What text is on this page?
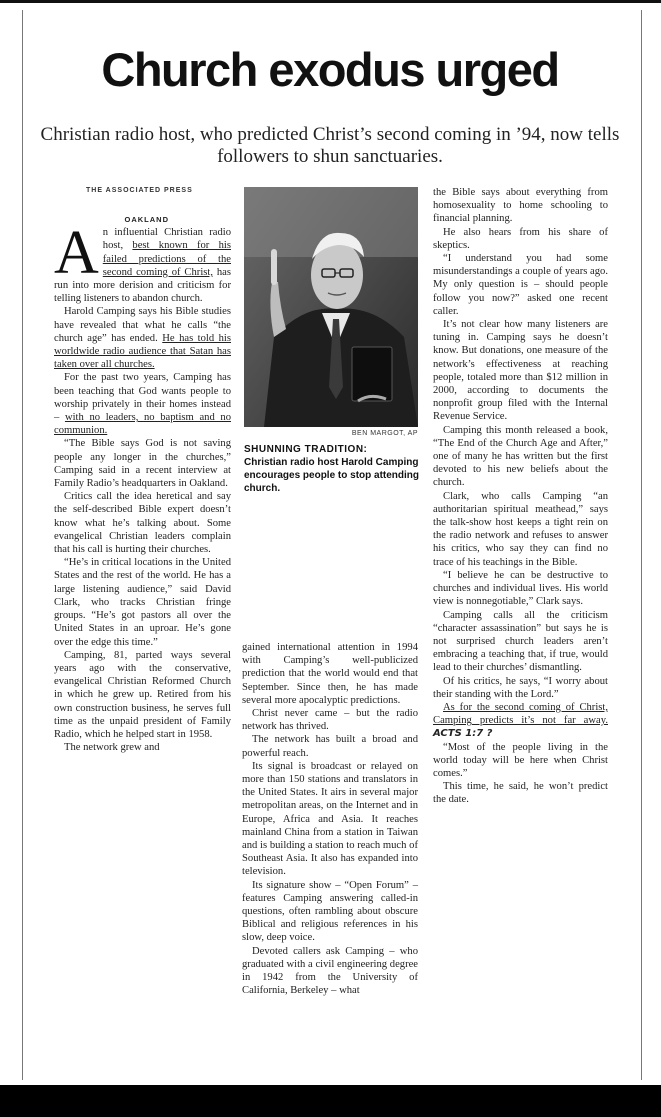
Church exodus urged
Christian radio host, who predicted Christ’s second coming in ’94, now tells followers to shun sanctuaries.
THE ASSOCIATED PRESS
OAKLAND

An influential Christian radio host, best known for his failed predictions of the second coming of Christ, has run into more derision and criticism for telling listeners to abandon church.

Harold Camping says his Bible studies have revealed that what he calls “the church age” has ended. He has told his worldwide radio audience that Satan has taken over all churches.

For the past two years, Camping has been teaching that God wants people to worship privately in their homes instead – with no leaders, no baptism and no communion.

“The Bible says God is not saving people any longer in the churches,” Camping said in a recent interview at Family Radio’s headquarters in Oakland.

Critics call the idea heretical and say the self-described Bible expert doesn’t know what he’s talking about. Some evangelical Christian leaders complain that his call is hurting their churches.

“He’s in critical locations in the United States and the rest of the world. He has a large listening audience,” said David Clark, who tracks Christian fringe groups. “He’s got pastors all over the United States in an uproar. He’s gone over the edge this time.”

Camping, 81, parted ways several years ago with the conservative, evangelical Christian Reformed Church in which he grew up. Retired from his own construction business, he serves full time as the unpaid president of Family Radio, which he helped start in 1958.

The network grew and

BEN MARGOT, AP
SHUNNING TRADITION:
Christian radio host Harold Camping encourages people to stop attending church.

gained international attention in 1994 with Camping’s well-publicized prediction that the world would end that September. Since then, he has made several more apocalyptic predictions.

Christ never came – but the radio network has thrived.

The network has built a broad and powerful reach.

Its signal is broadcast or relayed on more than 150 stations and translators in the United States. It airs in several major metropolitan areas, on the Internet and in Europe, Africa and Asia. It reaches mainland China from a station in Taiwan and is building a station to reach much of Southeast Asia. It also has expanded into television.

Its signature show – “Open Forum” – features Camping answering called-in questions, often rambling about obscure Biblical and religious references in his slow, deep voice.

Devoted callers ask Camping – who graduated with a civil engineering degree in 1942 from the University of California, Berkeley – what

the Bible says about everything from homosexuality to home schooling to financial planning.

He also hears from his share of skeptics.

“I understand you had some misunderstandings a couple of years ago. My only question is – should people follow you now?” asked one recent caller.

It’s not clear how many listeners are tuning in. Camping says he doesn’t know. But donations, one measure of the network’s effectiveness at reaching people, totaled more than $12 million in 2000, according to documents the nonprofit group filed with the Internal Revenue Service.

Camping this month released a book, “The End of the Church Age and After,” one of many he has written but the first devoted to his new beliefs about the church.

Clark, who calls Camping “an authoritarian spiritual meathead,” says the talk-show host keeps a tight rein on the radio network and refuses to answer his critics, who say they can find no trace of his teachings in the Bible.

“I believe he can be destructive to churches and individual lives. His world view is nonnegotiable,” Clark says.

Camping calls all the criticism “character assassination” but says he is not surprised church leaders aren’t embracing a teaching that, if true, would lead to their churches’ dismantling.

Of his critics, he says, “I worry about their standing with the Lord.”

As for the second coming of Christ, Camping predicts it’s not far away. ACTS 1:7 ?

“Most of the people living in the world today will be here when Christ comes.”

This time, he said, he won’t predict the date.
